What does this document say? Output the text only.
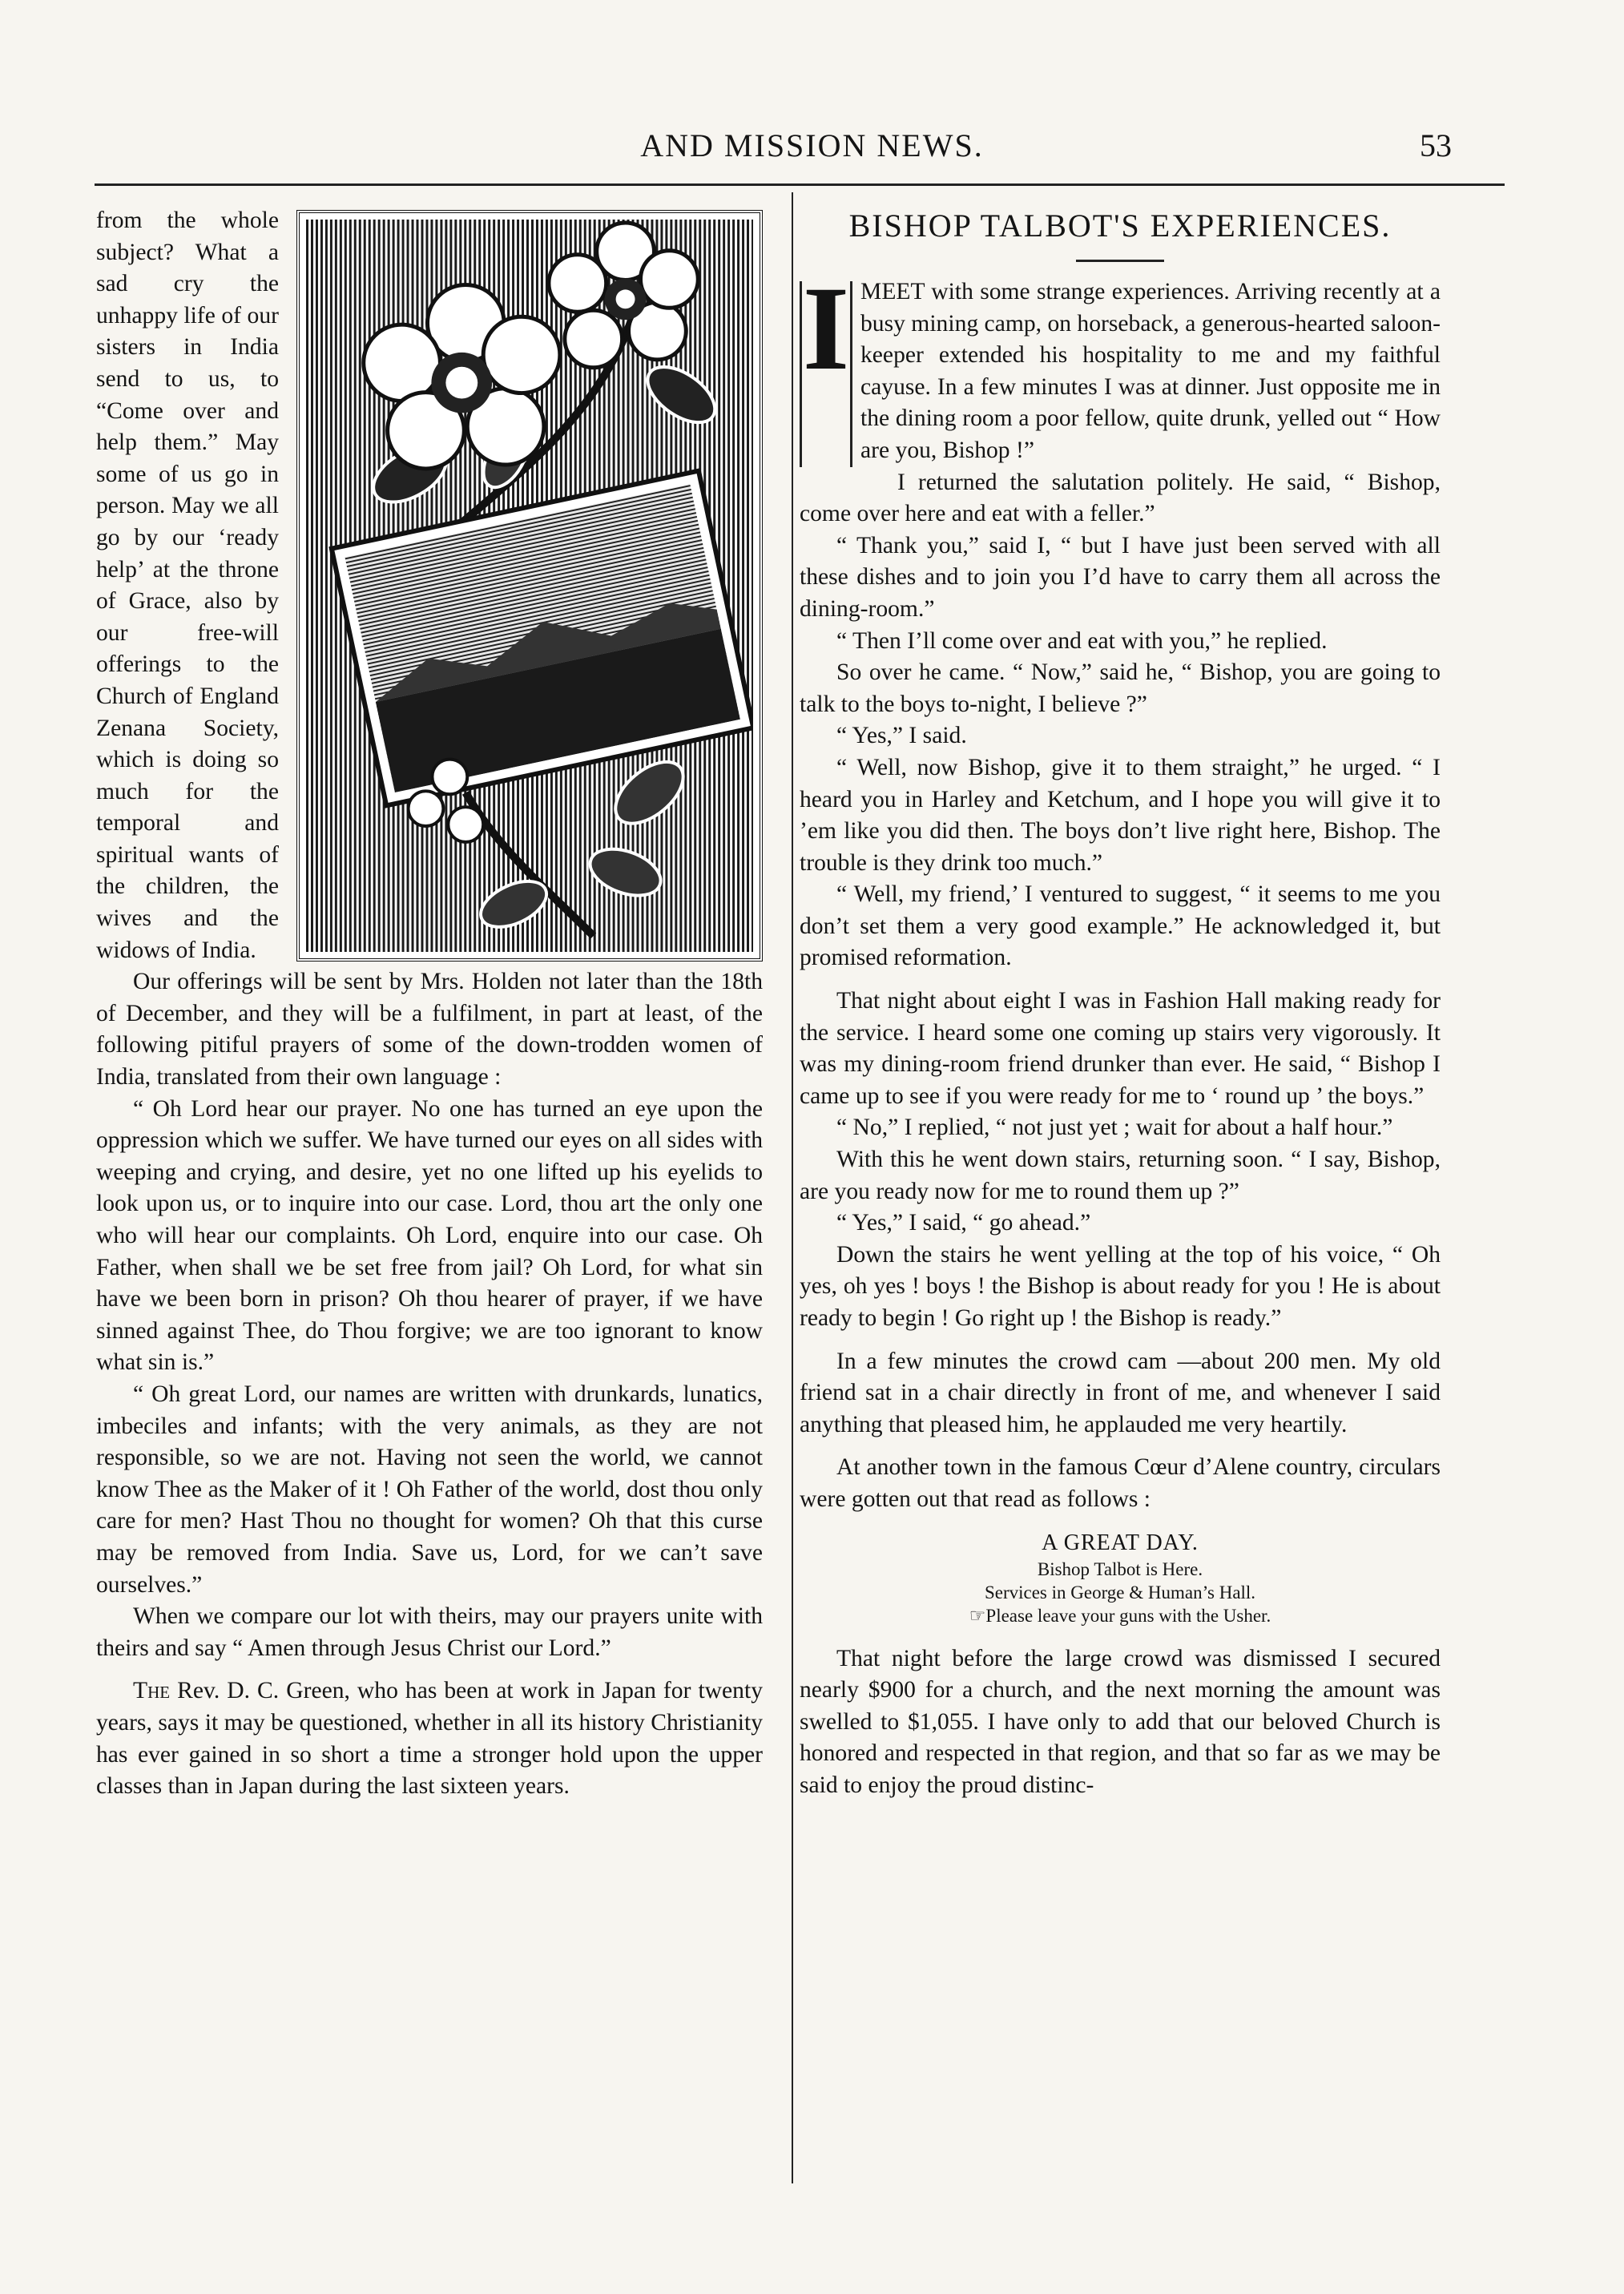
AND MISSION NEWS.	53

from the whole subject? What a sad cry the unhappy life of our sisters in India send to us, to “Come over and help them.” May some of us go in person. May we all go by our ‘ready help’ at the throne of Grace, also by our free-will offerings to the Church of England Zenana Society, which is doing so much for the temporal and spiritual wants of the children, the wives and the widows of India.

Our offerings will be sent by Mrs. Holden not later than the 18th of December, and they will be a fulfilment, in part at least, of the following pitiful prayers of some of the down-trodden women of India, translated from their own language :

“ Oh Lord hear our prayer. No one has turned an eye upon the oppression which we suffer. We have turned our eyes on all sides with weeping and crying, and desire, yet no one lifted up his eyelids to look upon us, or to inquire into our case. Lord, thou art the only one who will hear our complaints. Oh Lord, enquire into our case. Oh Father, when shall we be set free from jail? Oh Lord, for what sin have we been born in prison? Oh thou hearer of prayer, if we have sinned against Thee, do Thou forgive; we are too ignorant to know what sin is.”

“ Oh great Lord, our names are written with drunkards, lunatics, imbeciles and infants; with the very animals, as they are not responsible, so we are not. Having not seen the world, we cannot know Thee as the Maker of it ! Oh Father of the world, dost thou only care for men? Hast Thou no thought for women? Oh that this curse may be removed from India. Save us, Lord, for we can’t save ourselves.”

When we compare our lot with theirs, may our prayers unite with theirs and say “ Amen through Jesus Christ our Lord.”

The Rev. D. C. Green, who has been at work in Japan for twenty years, says it may be questioned, whether in all its history Christianity has ever gained in so short a time a stronger hold upon the upper classes than in Japan during the last sixteen years.

BISHOP TALBOT'S EXPERIENCES.

I MEET with some strange experiences. Arriving recently at a busy mining camp, on horseback, a generous-hearted saloon-keeper extended his hospitality to me and my faithful cayuse. In a few minutes I was at dinner. Just opposite me in the dining room a poor fellow, quite drunk, yelled out “ How are you, Bishop !”

I returned the salutation politely. He said, “ Bishop, come over here and eat with a feller.”

“ Thank you,” said I, “ but I have just been served with all these dishes and to join you I’d have to carry them all across the dining-room.”

“ Then I’ll come over and eat with you,” he replied.

So over he came. “ Now,” said he, “ Bishop, you are going to talk to the boys to-night, I believe ?”

“ Yes,” I said.

“ Well, now Bishop, give it to them straight,” he urged. “ I heard you in Harley and Ketchum, and I hope you will give it to ’em like you did then. The boys don’t live right here, Bishop. The trouble is they drink too much.”

“ Well, my friend,’ I ventured to suggest, “ it seems to me you don’t set them a very good example.” He acknowledged it, but promised reformation.

That night about eight I was in Fashion Hall making ready for the service. I heard some one coming up stairs very vigorously. It was my dining-room friend drunker than ever. He said, “ Bishop I came up to see if you were ready for me to ‘ round up ’ the boys.”

“ No,” I replied, “ not just yet ; wait for about a half hour.”

With this he went down stairs, returning soon. “ I say, Bishop, are you ready now for me to round them up ?”

“ Yes,” I said, “ go ahead.”

Down the stairs he went yelling at the top of his voice, “ Oh yes, oh yes ! boys ! the Bishop is about ready for you ! He is about ready to begin ! Go right up ! the Bishop is ready.”

In a few minutes the crowd cam —about 200 men. My old friend sat in a chair directly in front of me, and whenever I said anything that pleased him, he applauded me very heartily.

At another town in the famous Cœur d’Alene country, circulars were gotten out that read as follows :

A GREAT DAY.
Bishop Talbot is Here.
Services in George & Human’s Hall.
☞Please leave your guns with the Usher.

That night before the large crowd was dismissed I secured nearly $900 for a church, and the next morning the amount was swelled to $1,055. I have only to add that our beloved Church is honored and respected in that region, and that so far as we may be said to enjoy the proud distinc-
